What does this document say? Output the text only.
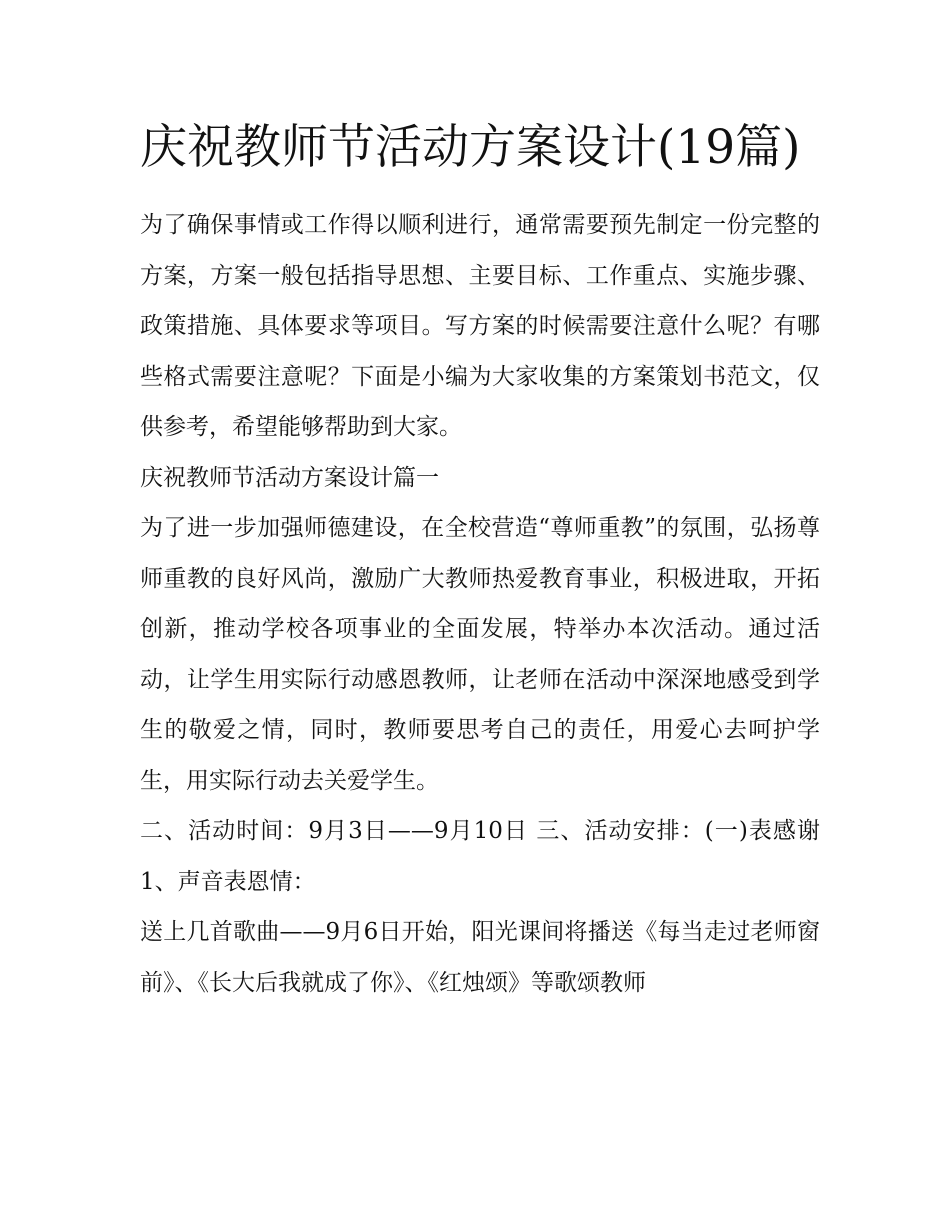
庆祝教师节活动方案设计(19篇)

为了确保事情或工作得以顺利进行，通常需要预先制定一份完整的方案，方案一般包括指导思想、主要目标、工作重点、实施步骤、政策措施、具体要求等项目。写方案的时候需要注意什么呢？有哪些格式需要注意呢？下面是小编为大家收集的方案策划书范文，仅供参考，希望能够帮助到大家。

庆祝教师节活动方案设计篇一

为了进一步加强师德建设，在全校营造“尊师重教”的氛围，弘扬尊师重教的良好风尚，激励广大教师热爱教育事业，积极进取，开拓创新，推动学校各项事业的全面发展，特举办本次活动。通过活动，让学生用实际行动感恩教师，让老师在活动中深深地感受到学生的敬爱之情，同时，教师要思考自己的责任，用爱心去呵护学生，用实际行动去关爱学生。

二、活动时间：9月3日——9月10日 三、活动安排：(一)表感谢 1、声音表恩情：

送上几首歌曲——9月6日开始，阳光课间将播送《每当走过老师窗前》、《长大后我就成了你》、《红烛颂》等歌颂教师
